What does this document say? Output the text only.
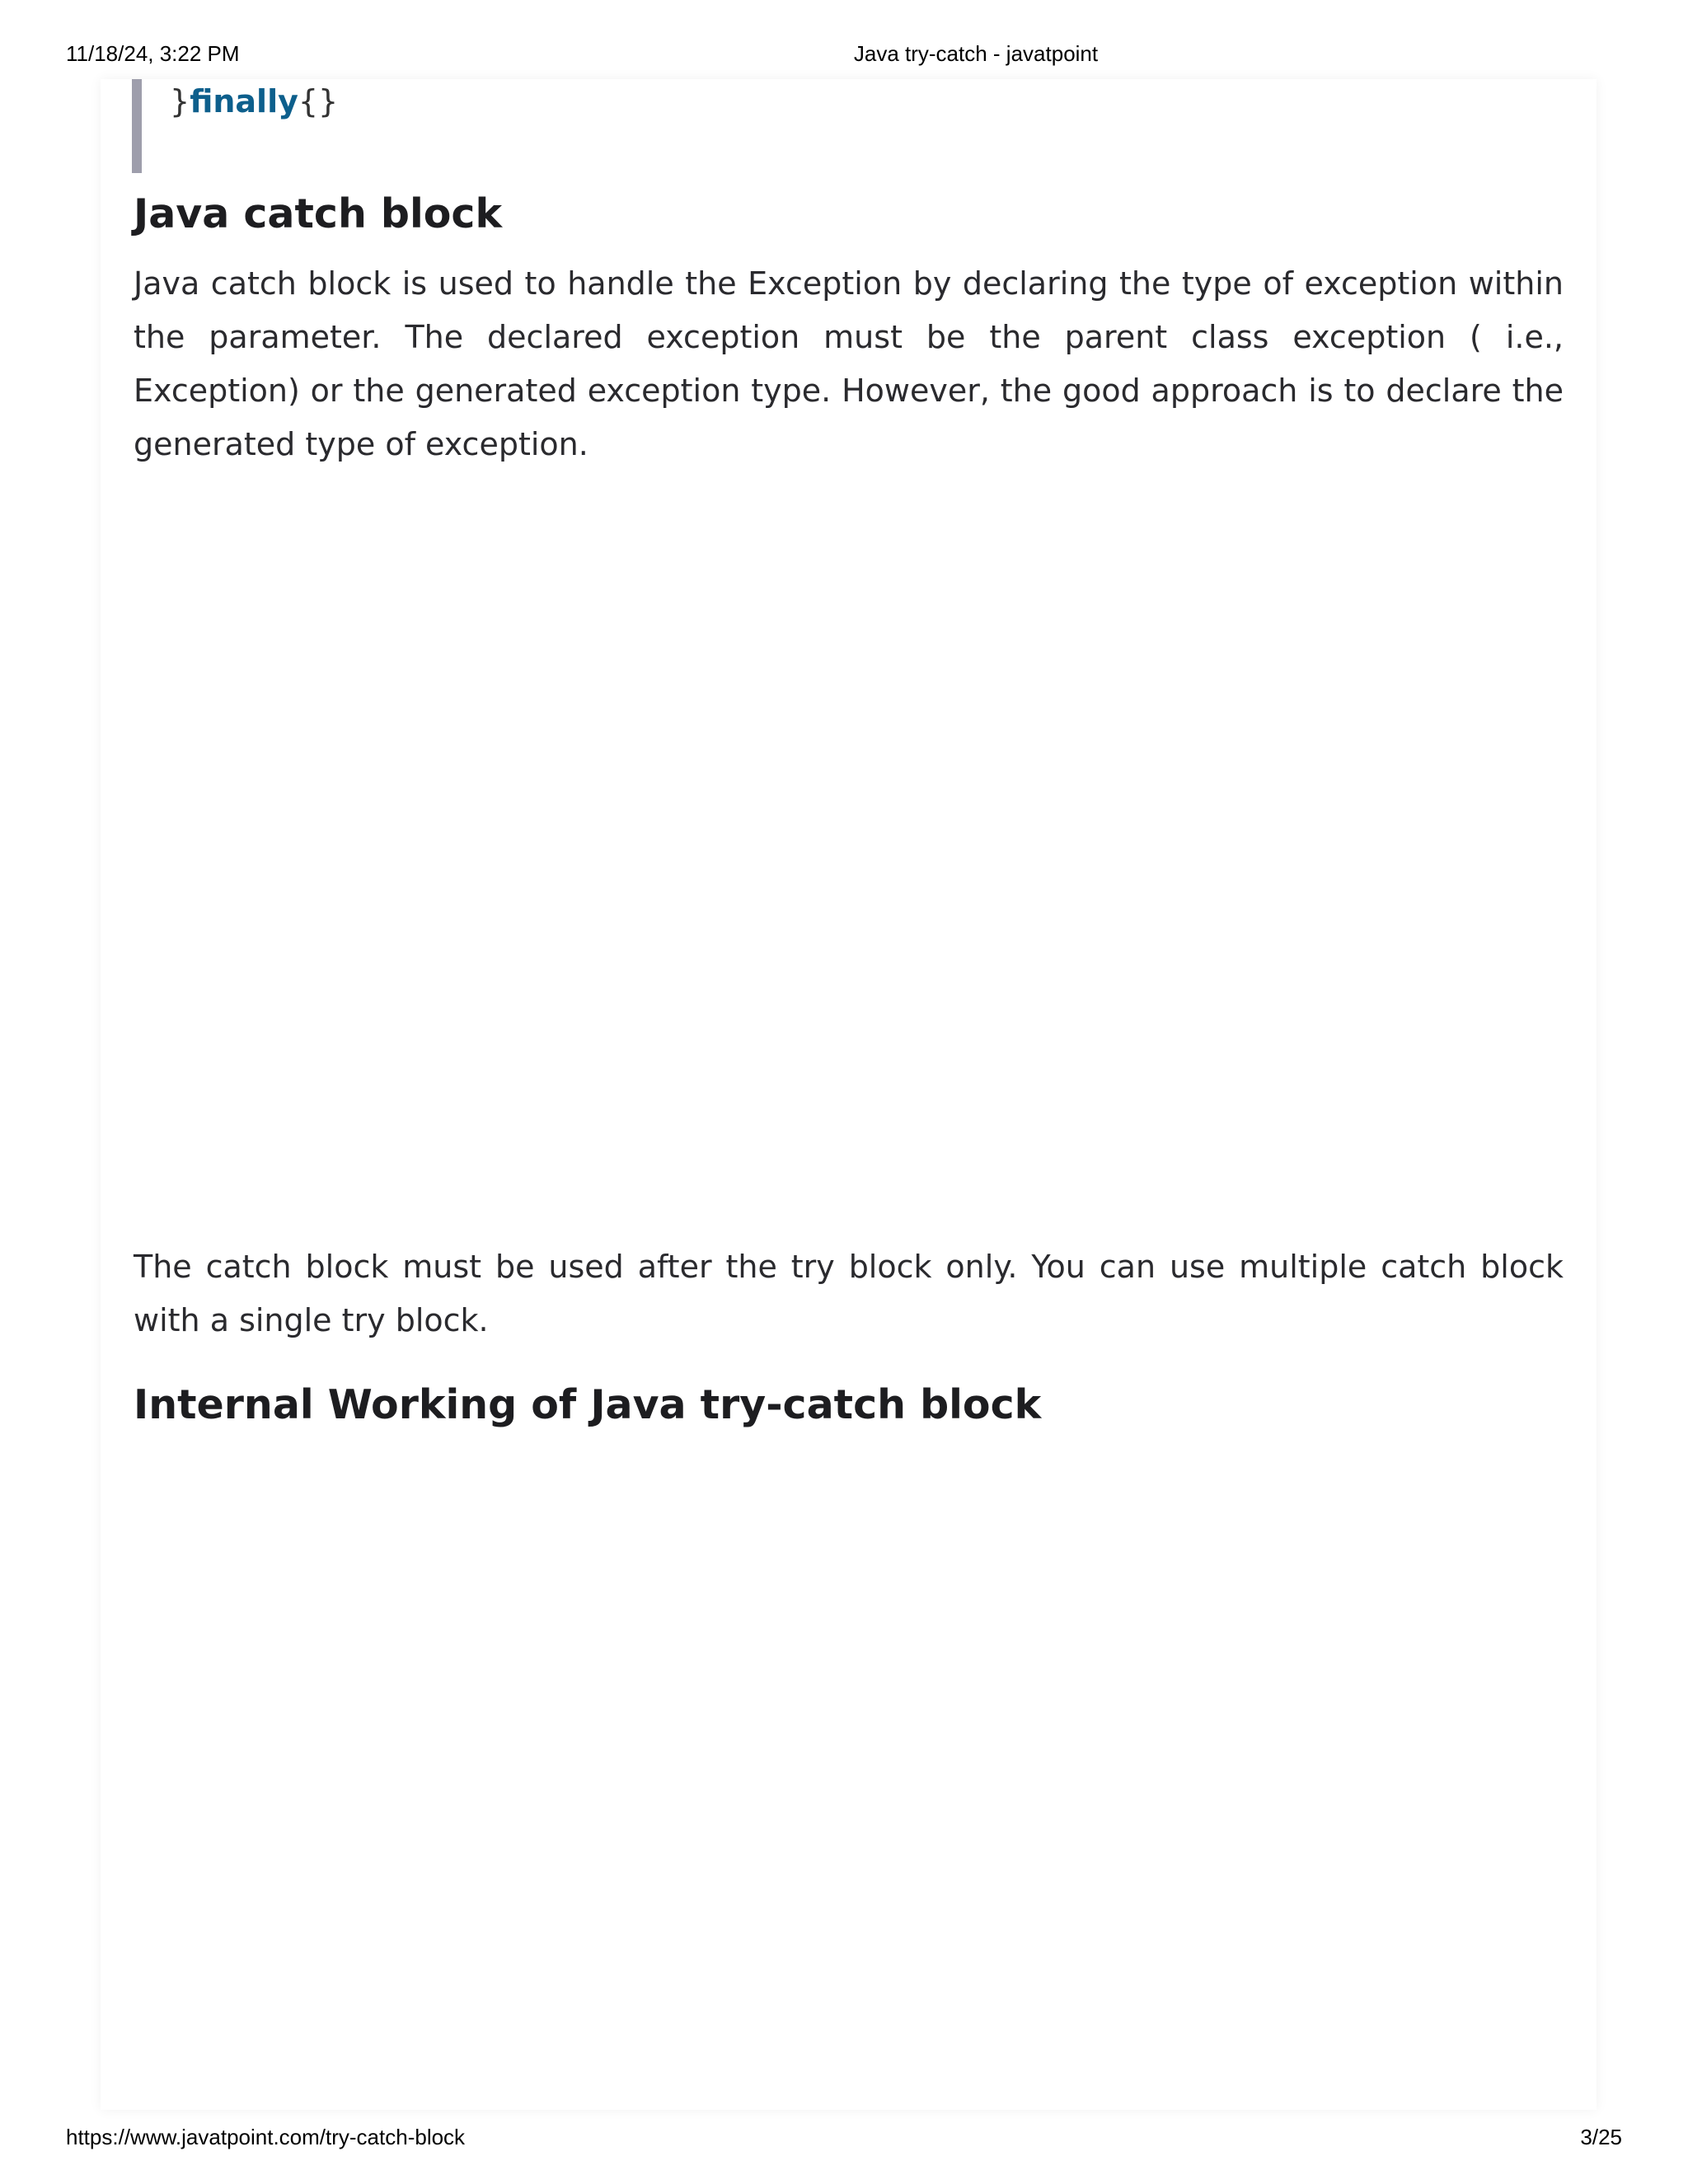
11/18/24, 3:22 PM	Java try-catch - javatpoint
}finally{}
Java catch block

Java catch block is used to handle the Exception by declaring the type of exception within the parameter. The declared exception must be the parent class exception ( i.e., Exception) or the generated exception type. However, the good approach is to declare the generated type of exception.

The catch block must be used after the try block only. You can use multiple catch block with a single try block.

Internal Working of Java try-catch block
https://www.javatpoint.com/try-catch-block	3/25
